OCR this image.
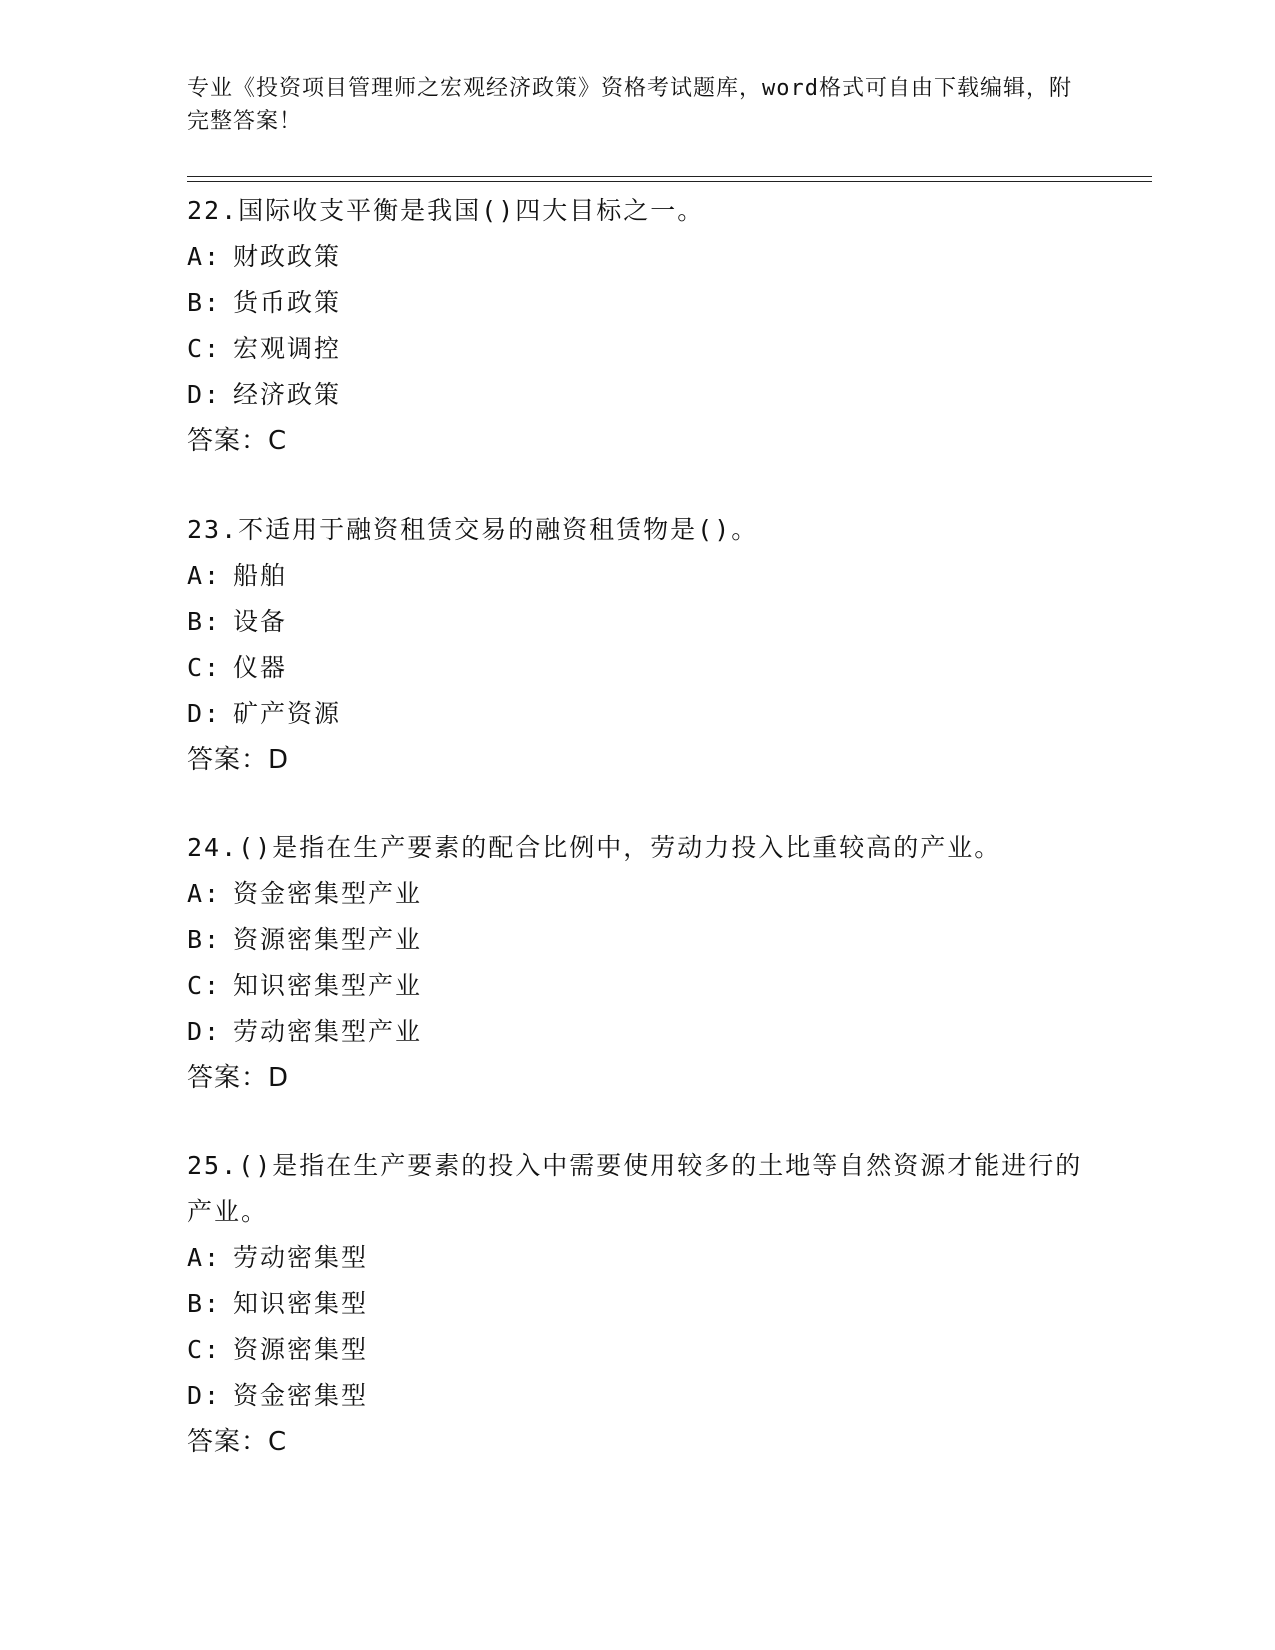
专业《投资项目管理师之宏观经济政策》资格考试题库，word格式可自由下载编辑，附完整答案！
22.国际收支平衡是我国()四大目标之一。
A: 财政政策
B: 货币政策
C: 宏观调控
D: 经济政策
答案：C
23.不适用于融资租赁交易的融资租赁物是()。
A: 船舶
B: 设备
C: 仪器
D: 矿产资源
答案：D
24.()是指在生产要素的配合比例中，劳动力投入比重较高的产业。
A: 资金密集型产业
B: 资源密集型产业
C: 知识密集型产业
D: 劳动密集型产业
答案：D
25.()是指在生产要素的投入中需要使用较多的土地等自然资源才能进行的产业。
A: 劳动密集型
B: 知识密集型
C: 资源密集型
D: 资金密集型
答案：C
